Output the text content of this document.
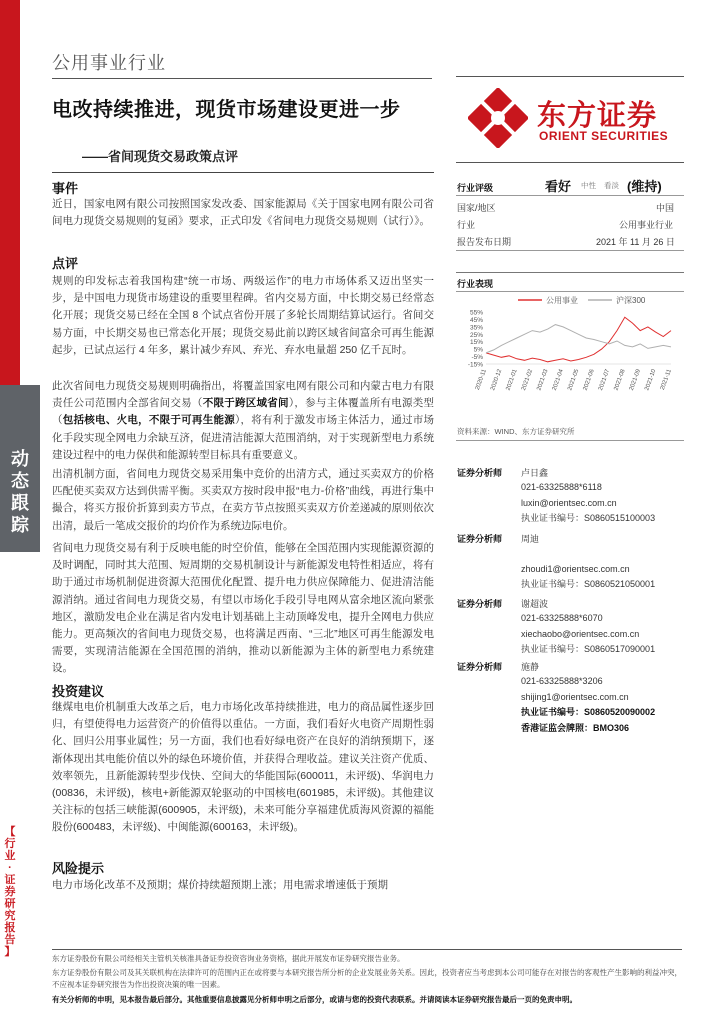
动
态
跟
踪
【
行
业
·
证
券
研
究
报
告
】
公用事业行业
电改持续推进，现货市场建设更进一步
——省间现货交易政策点评
东方证券
ORIENT SECURITIES
事件
近日，国家电网有限公司按照国家发改委、国家能源局《关于国家电网有限公司省间电力现货交易规则的复函》要求，正式印发《省间电力现货交易规则（试行）》。
点评
规则的印发标志着我国构建“统一市场、两级运作”的电力市场体系又迈出坚实一步，是中国电力现货市场建设的重要里程碑。省内交易方面，中长期交易已经常态化开展；现货交易已经在全国 8 个试点省份开展了多轮长周期结算试运行。省间交易方面，中长期交易也已常态化开展；现货交易此前以跨区域省间富余可再生能源起步，已试点运行 4 年多，累计减少弃风、弃光、弃水电量超 250 亿千瓦时。
此次省间电力现货交易规则明确指出，将覆盖国家电网有限公司和内蒙古电力有限责任公司范围内全部省间交易（不限于跨区域省间），参与主体覆盖所有电源类型（包括核电、火电，不限于可再生能源），将有利于激发市场主体活力，通过市场化手段实现全网电力余缺互济，促进清洁能源大范围消纳，对于实现新型电力系统建设过程中的电力保供和能源转型目标具有重要意义。
出清机制方面，省间电力现货交易采用集中竞价的出清方式，通过买卖双方的价格匹配使买卖双方达到供需平衡。买卖双方按时段申报“电力-价格”曲线，再进行集中撮合，将买方报价折算到卖方节点，在卖方节点按照买卖双方价差递减的原则依次出清，最后一笔成交报价的均价作为系统边际电价。
省间电力现货交易有利于反映电能的时空价值，能够在全国范围内实现能源资源的及时调配，同时其大范围、短周期的交易机制设计与新能源发电特性相适应，将有助于通过市场机制促进资源大范围优化配置、提升电力供应保障能力、促进清洁能源消纳。通过省间电力现货交易，有望以市场化手段引导电网从富余地区流向紧张地区，激励发电企业在满足省内发电计划基础上主动顶峰发电，提升全网电力供应能力。更高频次的省间电力现货交易，也将满足西南、“三北”地区可再生能源发电需要，实现清洁能源在全国范围的消纳，推动以新能源为主体的新型电力系统建设。
投资建议
继煤电电价机制重大改革之后，电力市场化改革持续推进，电力的商品属性逐步回归，有望使得电力运营资产的价值得以重估。一方面，我们看好火电资产周期性弱化、回归公用事业属性；另一方面，我们也看好绿电资产在良好的消纳预期下，逐渐体现出其电能价值以外的绿色环境价值，并获得合理收益。建议关注资产优质、效率领先，且新能源转型步伐快、空间大的华能国际(600011，未评级)、华润电力(00836，未评级)，核电+新能源双轮驱动的中国核电(601985，未评级)。其他建议关注标的包括三峡能源(600905，未评级)，未来可能分享福建优质海风资源的福能股份(600483，未评级)、中闽能源(600163，未评级)。
风险提示
电力市场化改革不及预期；煤价持续超预期上涨；用电需求增速低于预期
行业评级	看好 中性 看淡 (维持)
国家/地区	中国
行业	公用事业行业
报告发布日期	2021 年 11 月 26 日
行业表现
公用事业	沪深300
55%
45%
35%
25%
15%
5%
-5%
-15%
2020-11 2020-12 2021-01 2021-02 2021-03 2021-04 2021-05 2021-06 2021-07 2021-08 2021-09 2021-10 2021-11
资料来源：WIND、东方证券研究所
证券分析师 卢日鑫
021-63325888*6118
luxin@orientsec.com.cn
执业证书编号：S0860515100003
证券分析师 周迪
zhoudi1@orientsec.com.cn
执业证书编号：S0860521050001
证券分析师 谢超波
021-63325888*6070
xiechaobo@orientsec.com.cn
执业证书编号：S0860517090001
证券分析师 施静
021-63325888*3206
shijing1@orientsec.com.cn
执业证书编号：S0860520090002
香港证监会牌照：BMO306
东方证券股份有限公司经相关主管机关核准具备证券投资咨询业务资格，据此开展发布证券研究报告业务。
东方证券股份有限公司及其关联机构在法律许可的范围内正在或将要与本研究报告所分析的企业发展业务关系。因此，投资者应当考虑到本公司可能存在对报告的客观性产生影响的利益冲突，不应视本证券研究报告为作出投资决策的唯一因素。
有关分析师的申明，见本报告最后部分。其他重要信息披露见分析师申明之后部分，或请与您的投资代表联系。并请阅读本证券研究报告最后一页的免责申明。
